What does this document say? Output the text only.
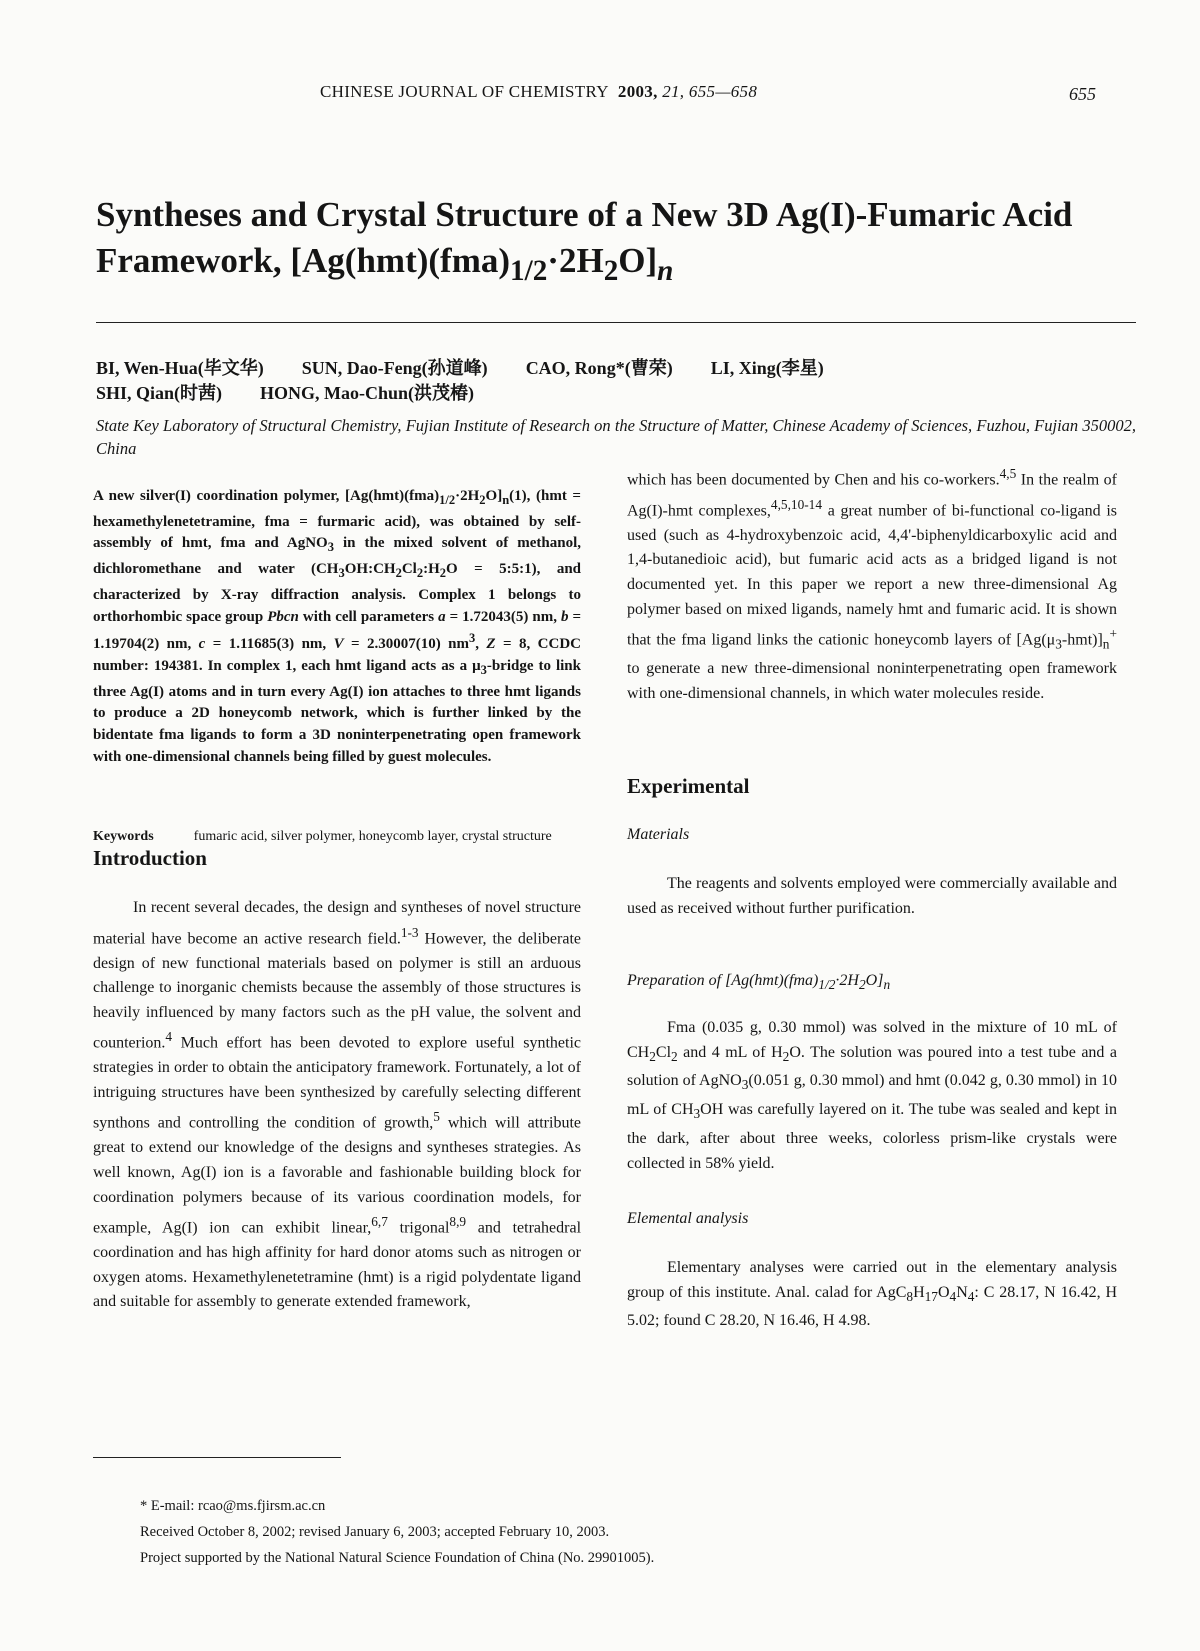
CHINESE JOURNAL OF CHEMISTRY 2003, 21, 655—658	655
Syntheses and Crystal Structure of a New 3D Ag(I)-Fumaric Acid
Framework, $[Ag(hmt)(fma)_{1/2}\cdot 2H_2O]_n$
BI, Wen-Hua(毕文华) SUN, Dao-Feng(孙道峰) CAO, Rong*(曹荣) LI, Xing(李星)
SHI, Qian(时茜) HONG, Mao-Chun(洪茂椿)
State Key Laboratory of Structural Chemistry, Fujian Institute of Research on the Structure of Matter, Chinese Academy of Sciences, Fuzhou, Fujian 350002, China
A new silver(I) coordination polymer, $[Ag(hmt)(fma)_{1/2}\cdot 2H_2O]_n(1)$, (hmt = hexamethylenetetramine, fma = furmaric acid), was obtained by self-assembly of hmt, fma and AgNO$_3$ in the mixed solvent of methanol, dichloromethane and water ($CH_3OH:CH_2Cl_2:H_2O$ = 5:5:1), and characterized by X-ray diffraction analysis. Complex 1 belongs to orthorhombic space group Pbcn with cell parameters a = 1.72043(5) nm, b = 1.19704(2) nm, c = 1.11685(3) nm, V = 2.30007(10) $nm^3$, Z = 8, CCDC number: 194381. In complex 1, each hmt ligand acts as a $\mu_3$-bridge to link three Ag(I) atoms and in turn every Ag(I) ion attaches to three hmt ligands to produce a 2D honeycomb network, which is further linked by the bidentate fma ligands to form a 3D noninterpenetrating open framework with one-dimensional channels being filled by guest molecules.
Keywords	fumaric acid, silver polymer, honeycomb layer, crystal structure
Introduction

In recent several decades, the design and syntheses of novel structure material have become an active research field.$^{1-3}$ However, the deliberate design of new functional materials based on polymer is still an arduous challenge to inorganic chemists because the assembly of those structures is heavily influenced by many factors such as the pH value, the solvent and counterion.$^4$ Much effort has been devoted to explore useful synthetic strategies in order to obtain the anticipatory framework. Fortunately, a lot of intriguing structures have been synthesized by carefully selecting different synthons and controlling the condition of growth,$^5$ which will attribute great to extend our knowledge of the designs and syntheses strategies. As well known, Ag(I) ion is a favorable and fashionable building block for coordination polymers because of its various coordination models, for example, Ag(I) ion can exhibit linear,$^{6,7}$ trigonal$^{8,9}$ and tetrahedral coordination and has high affinity for hard donor atoms such as nitrogen or oxygen atoms. Hexamethylenetetramine (hmt) is a rigid polydentate ligand and suitable for assembly to generate extended framework,

which has been documented by Chen and his co-workers.$^{4,5}$ In the realm of Ag(I)-hmt complexes,$^{4,5,10-14}$ a great number of bi-functional co-ligand is used (such as 4-hydroxybenzoic acid, 4,4'-biphenyldicarboxylic acid and 1,4-butanedioic acid), but fumaric acid acts as a bridged ligand is not documented yet. In this paper we report a new three-dimensional Ag polymer based on mixed ligands, namely hmt and fumaric acid. It is shown that the fma ligand links the cationic honeycomb layers of $[Ag(\mu_3-hmt)]_n^+$ to generate a new three-dimensional noninterpenetrating open framework with one-dimensional channels, in which water molecules reside.

Experimental
Materials

The reagents and solvents employed were commercially available and used as received without further purification.

Preparation of $[Ag(hmt)(fma)_{1/2}\cdot 2H_2O]_n$

Fma (0.035 g, 0.30 mmol) was solved in the mixture of 10 mL of $CH_2Cl_2$ and 4 mL of $H_2O$. The solution was poured into a test tube and a solution of AgNO$_3$(0.051 g, 0.30 mmol) and hmt (0.042 g, 0.30 mmol) in 10 mL of $CH_3OH$ was carefully layered on it. The tube was sealed and kept in the dark, after about three weeks, colorless prism-like crystals were collected in 58% yield.

Elemental analysis

Elementary analyses were carried out in the elementary analysis group of this institute. Anal. calad for $AgC_8H_{17}O_4N_4$: C 28.17, N 16.42, H 5.02; found C 28.20, N 16.46, H 4.98.

* E-mail: rcao@ms.fjirsm.ac.cn
Received October 8, 2002; revised January 6, 2003; accepted February 10, 2003.
Project supported by the National Natural Science Foundation of China (No. 29901005).
